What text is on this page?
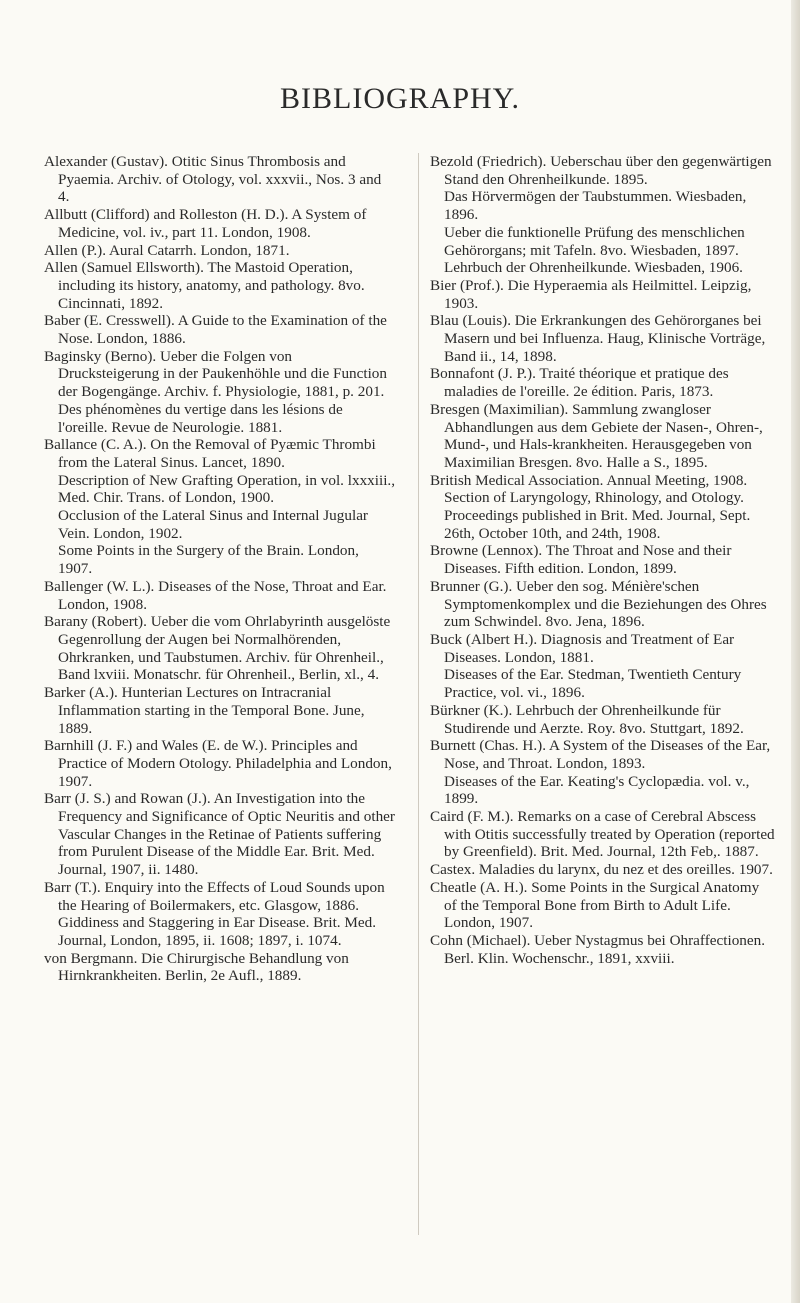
BIBLIOGRAPHY.

Alexander (Gustav). Otitic Sinus Thrombosis and Pyaemia. Archiv. of Otology, vol. xxxvii., Nos. 3 and 4.

Allbutt (Clifford) and Rolleston (H. D.). A System of Medicine, vol. iv., part 11. London, 1908.

Allen (P.). Aural Catarrh. London, 1871.

Allen (Samuel Ellsworth). The Mastoid Operation, including its history, anatomy, and pathology. 8vo. Cincinnati, 1892.

Baber (E. Cresswell). A Guide to the Examination of the Nose. London, 1886.

Baginsky (Berno). Ueber die Folgen von Drucksteigerung in der Paukenhöhle und die Function der Bogengänge. Archiv. f. Physiologie, 1881, p. 201.

Des phénomènes du vertige dans les lésions de l'oreille. Revue de Neurologie. 1881.

Ballance (C. A.). On the Removal of Pyæmic Thrombi from the Lateral Sinus. Lancet, 1890.

Description of New Grafting Operation, in vol. lxxxiii., Med. Chir. Trans. of London, 1900.

Occlusion of the Lateral Sinus and Internal Jugular Vein. London, 1902.

Some Points in the Surgery of the Brain. London, 1907.

Ballenger (W. L.). Diseases of the Nose, Throat and Ear. London, 1908.

Barany (Robert). Ueber die vom Ohrlabyrinth ausgelöste Gegenrollung der Augen bei Normalhörenden, Ohrkranken, und Taubstumen. Archiv. für Ohrenheil., Band lxviii. Monatschr. für Ohrenheil., Berlin, xl., 4.

Barker (A.). Hunterian Lectures on Intracranial Inflammation starting in the Temporal Bone. June, 1889.

Barnhill (J. F.) and Wales (E. de W.). Principles and Practice of Modern Otology. Philadelphia and London, 1907.

Barr (J. S.) and Rowan (J.). An Investigation into the Frequency and Significance of Optic Neuritis and other Vascular Changes in the Retinae of Patients suffering from Purulent Disease of the Middle Ear. Brit. Med. Journal, 1907, ii. 1480.

Barr (T.). Enquiry into the Effects of Loud Sounds upon the Hearing of Boilermakers, etc. Glasgow, 1886.

Giddiness and Staggering in Ear Disease. Brit. Med. Journal, London, 1895, ii. 1608; 1897, i. 1074.

von Bergmann. Die Chirurgische Behandlung von Hirnkrankheiten. Berlin, 2e Aufl., 1889.

Bezold (Friedrich). Ueberschau über den gegenwärtigen Stand den Ohrenheilkunde. 1895.

Das Hörvermögen der Taubstummen. Wiesbaden, 1896.

Ueber die funktionelle Prüfung des menschlichen Gehörorgans; mit Tafeln. 8vo. Wiesbaden, 1897.

Lehrbuch der Ohrenheilkunde. Wiesbaden, 1906.

Bier (Prof.). Die Hyperaemia als Heilmittel. Leipzig, 1903.

Blau (Louis). Die Erkrankungen des Gehörorganes bei Masern und bei Influenza. Haug, Klinische Vorträge, Band ii., 14, 1898.

Bonnafont (J. P.). Traité théorique et pratique des maladies de l'oreille. 2e édition. Paris, 1873.

Bresgen (Maximilian). Sammlung zwangloser Abhandlungen aus dem Gebiete der Nasen-, Ohren-, Mund-, und Hals-krankheiten. Herausgegeben von Maximilian Bresgen. 8vo. Halle a S., 1895.

British Medical Association. Annual Meeting, 1908. Section of Laryngology, Rhinology, and Otology. Proceedings published in Brit. Med. Journal, Sept. 26th, October 10th, and 24th, 1908.

Browne (Lennox). The Throat and Nose and their Diseases. Fifth edition. London, 1899.

Brunner (G.). Ueber den sog. Ménière'schen Symptomenkomplex und die Beziehungen des Ohres zum Schwindel. 8vo. Jena, 1896.

Buck (Albert H.). Diagnosis and Treatment of Ear Diseases. London, 1881.

Diseases of the Ear. Stedman, Twentieth Century Practice, vol. vi., 1896.

Bürkner (K.). Lehrbuch der Ohrenheilkunde für Studirende und Aerzte. Roy. 8vo. Stuttgart, 1892.

Burnett (Chas. H.). A System of the Diseases of the Ear, Nose, and Throat. London, 1893.

Diseases of the Ear. Keating's Cyclopædia. vol. v., 1899.

Caird (F. M.). Remarks on a case of Cerebral Abscess with Otitis successfully treated by Operation (reported by Greenfield). Brit. Med. Journal, 12th Feb,. 1887.

Castex. Maladies du larynx, du nez et des oreilles. 1907.

Cheatle (A. H.). Some Points in the Surgical Anatomy of the Temporal Bone from Birth to Adult Life. London, 1907.

Cohn (Michael). Ueber Nystagmus bei Ohraffectionen. Berl. Klin. Wochenschr., 1891, xxviii.
